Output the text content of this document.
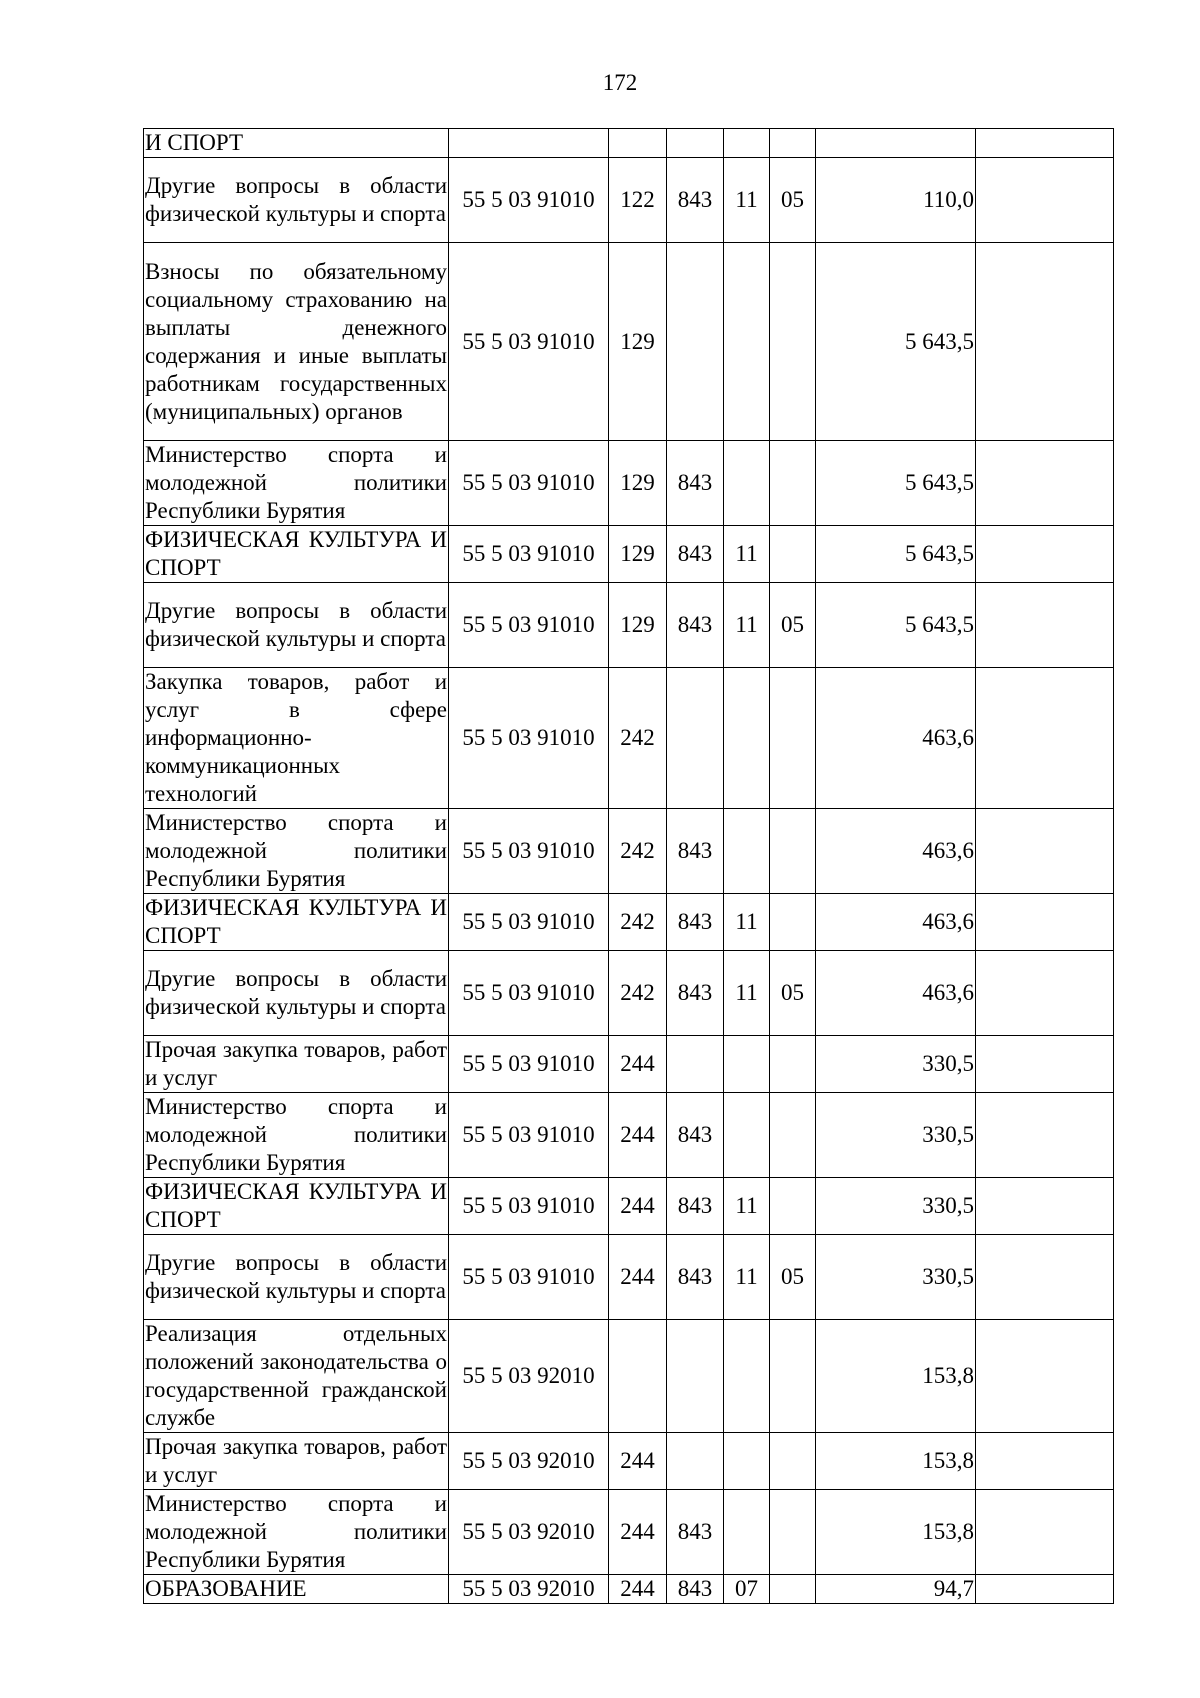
172
И СПОРТ							
Другие вопросы в области физической культуры и спорта	55 5 03 91010	122	843	11	05	110,0	
Взносы по обязательному социальному страхованию на выплаты денежного содержания и иные выплаты работникам государственных (муниципальных) органов	55 5 03 91010	129				5 643,5	
Министерство спорта и молодежной политики Республики Бурятия	55 5 03 91010	129	843			5 643,5	
ФИЗИЧЕСКАЯ КУЛЬТУРА И СПОРТ	55 5 03 91010	129	843	11		5 643,5	
Другие вопросы в области физической культуры и спорта	55 5 03 91010	129	843	11	05	5 643,5	
Закупка товаров, работ и услуг в сфере информационно-коммуникационных технологий	55 5 03 91010	242				463,6	
Министерство спорта и молодежной политики Республики Бурятия	55 5 03 91010	242	843			463,6	
ФИЗИЧЕСКАЯ КУЛЬТУРА И СПОРТ	55 5 03 91010	242	843	11		463,6	
Другие вопросы в области физической культуры и спорта	55 5 03 91010	242	843	11	05	463,6	
Прочая закупка товаров, работ и услуг	55 5 03 91010	244				330,5	
Министерство спорта и молодежной политики Республики Бурятия	55 5 03 91010	244	843			330,5	
ФИЗИЧЕСКАЯ КУЛЬТУРА И СПОРТ	55 5 03 91010	244	843	11		330,5	
Другие вопросы в области физической культуры и спорта	55 5 03 91010	244	843	11	05	330,5	
Реализация отдельных положений законодательства о государственной гражданской службе	55 5 03 92010					153,8	
Прочая закупка товаров, работ и услуг	55 5 03 92010	244				153,8	
Министерство спорта и молодежной политики Республики Бурятия	55 5 03 92010	244	843			153,8	
ОБРАЗОВАНИЕ	55 5 03 92010	244	843	07		94,7	
